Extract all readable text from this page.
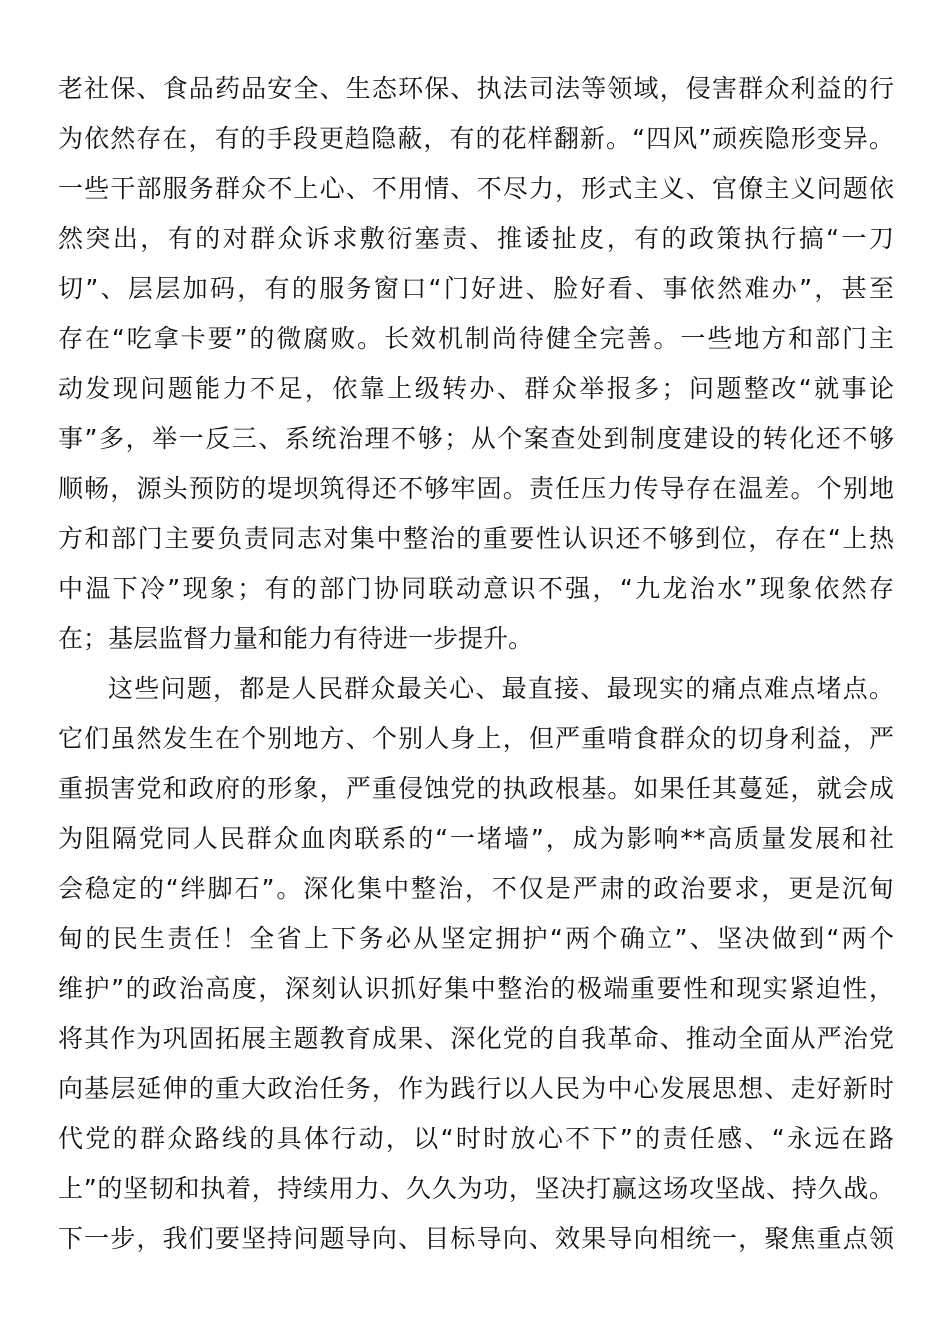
老社保、食品药品安全、生态环保、执法司法等领域，侵害群众利益的行
为依然存在，有的手段更趋隐蔽，有的花样翻新。“四风”顽疾隐形变异。
一些干部服务群众不上心、不用情、不尽力，形式主义、官僚主义问题依
然突出，有的对群众诉求敷衍塞责、推诿扯皮，有的政策执行搞“一刀
切”、层层加码，有的服务窗口“门好进、脸好看、事依然难办”，甚至
存在“吃拿卡要”的微腐败。长效机制尚待健全完善。一些地方和部门主
动发现问题能力不足，依靠上级转办、群众举报多；问题整改“就事论
事”多，举一反三、系统治理不够；从个案查处到制度建设的转化还不够
顺畅，源头预防的堤坝筑得还不够牢固。责任压力传导存在温差。个别地
方和部门主要负责同志对集中整治的重要性认识还不够到位，存在“上热
中温下冷”现象；有的部门协同联动意识不强，“九龙治水”现象依然存
在；基层监督力量和能力有待进一步提升。
这些问题，都是人民群众最关心、最直接、最现实的痛点难点堵点。
它们虽然发生在个别地方、个别人身上，但严重啃食群众的切身利益，严
重损害党和政府的形象，严重侵蚀党的执政根基。如果任其蔓延，就会成
为阻隔党同人民群众血肉联系的“一堵墙”，成为影响**高质量发展和社
会稳定的“绊脚石”。深化集中整治，不仅是严肃的政治要求，更是沉甸
甸的民生责任！全省上下务必从坚定拥护“两个确立”、坚决做到“两个
维护”的政治高度，深刻认识抓好集中整治的极端重要性和现实紧迫性，
将其作为巩固拓展主题教育成果、深化党的自我革命、推动全面从严治党
向基层延伸的重大政治任务，作为践行以人民为中心发展思想、走好新时
代党的群众路线的具体行动，以“时时放心不下”的责任感、“永远在路
上”的坚韧和执着，持续用力、久久为功，坚决打赢这场攻坚战、持久战。
下一步，我们要坚持问题导向、目标导向、效果导向相统一，聚焦重点领
